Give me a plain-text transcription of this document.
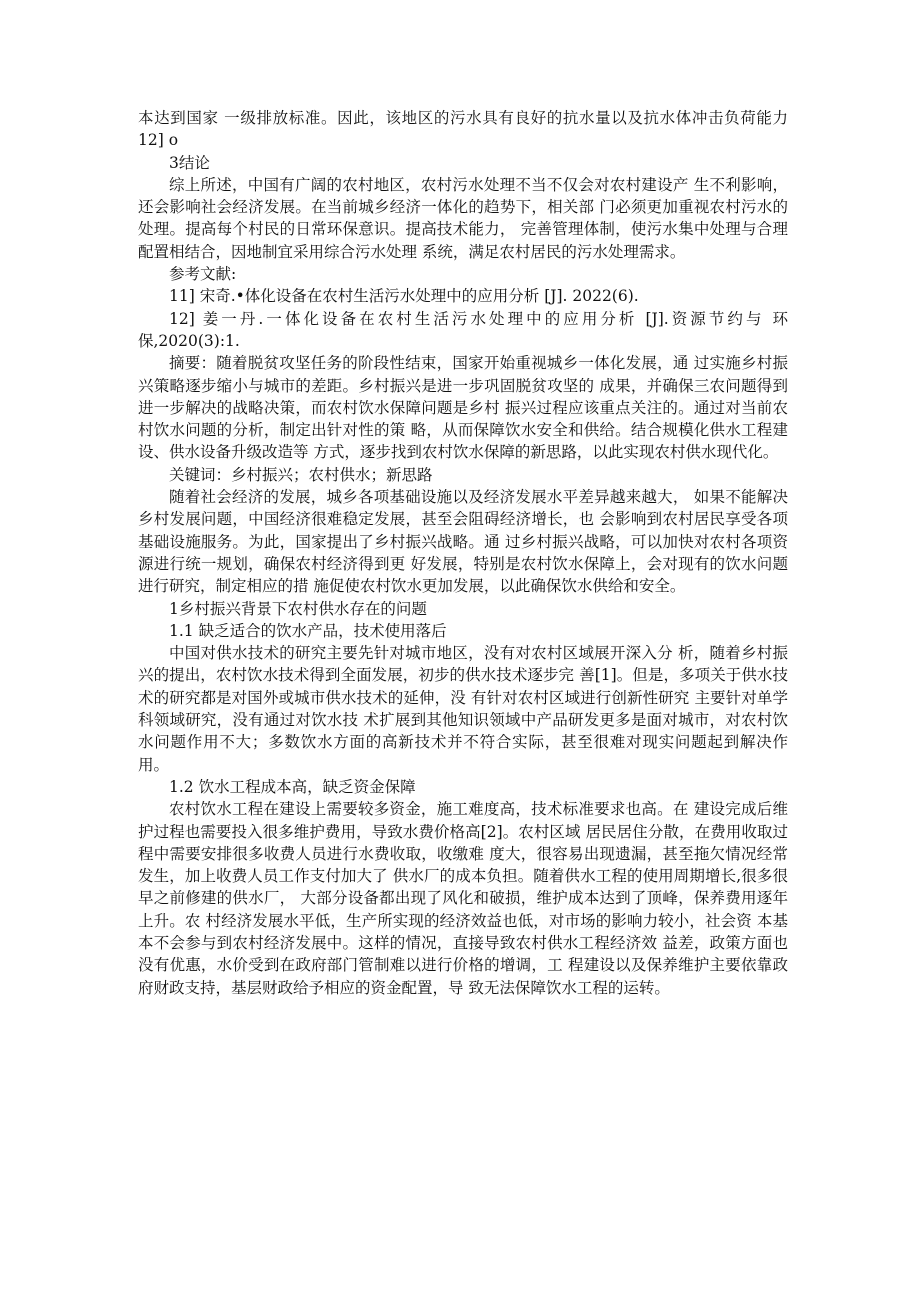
本达到国家 一级排放标准。因此，该地区的污水具有良好的抗水量以及抗水体冲击负荷能力 12] o

3结论

综上所述，中国有广阔的农村地区，农村污水处理不当不仅会对农村建设产 生不利影响，还会影响社会经济发展。在当前城乡经济一体化的趋势下，相关部 门必须更加重视农村污水的处理。提高每个村民的日常环保意识。提高技术能力， 完善管理体制，使污水集中处理与合理配置相结合，因地制宜采用综合污水处理 系统，满足农村居民的污水处理需求。

参考文献:

11] 宋奇.•体化设备在农村生活污水处理中的应用分析 [J]. 2022(6).

12] 姜一丹.一体化设备在农村生活污水处理中的应用分析 [J].资源节约与 环保,2020(3):1.

摘要：随着脱贫攻坚任务的阶段性结束，国家开始重视城乡一体化发展，通 过实施乡村振兴策略逐步缩小与城市的差距。乡村振兴是进一步巩固脱贫攻坚的 成果，并确保三农问题得到进一步解决的战略决策，而农村饮水保障问题是乡村 振兴过程应该重点关注的。通过对当前农村饮水问题的分析，制定出针对性的策 略，从而保障饮水安全和供给。结合规模化供水工程建设、供水设备升级改造等 方式，逐步找到农村饮水保障的新思路，以此实现农村供水现代化。

关键词：乡村振兴；农村供水；新思路

随着社会经济的发展，城乡各项基础设施以及经济发展水平差异越来越大， 如果不能解决乡村发展问题，中国经济很难稳定发展，甚至会阻碍经济增长，也 会影响到农村居民享受各项基础设施服务。为此，国家提出了乡村振兴战略。通 过乡村振兴战略，可以加快对农村各项资源进行统一规划，确保农村经济得到更 好发展，特别是农村饮水保障上，会对现有的饮水问题进行研究，制定相应的措 施促使农村饮水更加发展，以此确保饮水供给和安全。

1乡村振兴背景下农村供水存在的问题

1.1 缺乏适合的饮水产品，技术使用落后

中国对供水技术的研究主要先针对城市地区，没有对农村区域展开深入分 析，随着乡村振兴的提出，农村饮水技术得到全面发展，初步的供水技术逐步完 善[1]。但是，多项关于供水技术的研究都是对国外或城市供水技术的延伸，没 有针对农村区域进行创新性研究 主要针对单学科领域研究，没有通过对饮水技 术扩展到其他知识领域中产品研发更多是面对城市，对农村饮水问题作用不大；多数饮水方面的高新技术并不符合实际，甚至很难对现实问题起到解决作用。

1.2 饮水工程成本高，缺乏资金保障

农村饮水工程在建设上需要较多资金，施工难度高，技术标准要求也高。在 建设完成后维护过程也需要投入很多维护费用，导致水费价格高[2]。农村区域 居民居住分散，在费用收取过程中需要安排很多收费人员进行水费收取，收缴难 度大，很容易出现遗漏，甚至拖欠情况经常发生，加上收费人员工作支付加大了 供水厂的成本负担。随着供水工程的使用周期增长,很多很早之前修建的供水厂， 大部分设备都出现了风化和破损，维护成本达到了顶峰，保养费用逐年上升。农 村经济发展水平低，生产所实现的经济效益也低，对市场的影响力较小，社会资 本基本不会参与到农村经济发展中。这样的情况，直接导致农村供水工程经济效 益差，政策方面也没有优惠，水价受到在政府部门管制难以进行价格的增调，工 程建设以及保养维护主要依靠政府财政支持，基层财政给予相应的资金配置，导 致无法保障饮水工程的运转。
